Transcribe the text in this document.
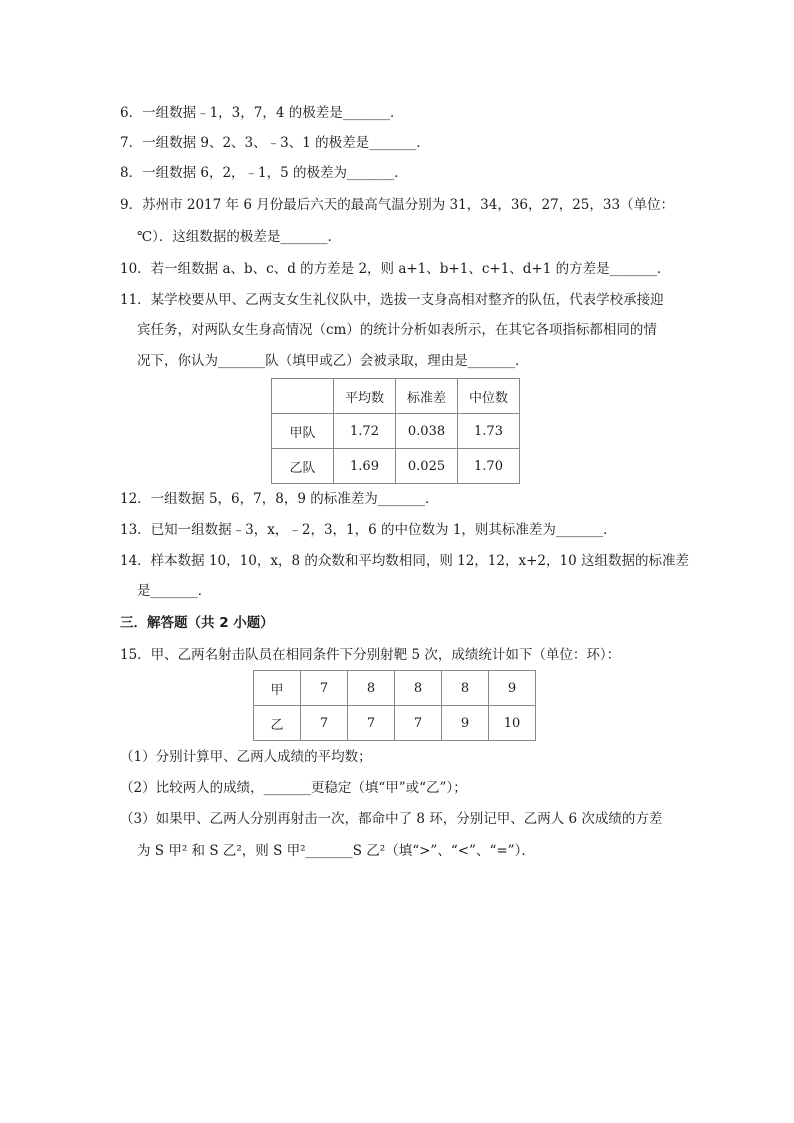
6．一组数据﹣1，3，7，4 的极差是_______．
7．一组数据 9、2、3、﹣3、1 的极差是_______．
8．一组数据 6，2，﹣1，5 的极差为_______．
9．苏州市 2017 年 6 月份最后六天的最高气温分别为 31，34，36，27，25，33（单位：
℃）．这组数据的极差是_______．
10．若一组数据 a、b、c、d 的方差是 2，则 a+1、b+1、c+1、d+1 的方差是_______．
11．某学校要从甲、乙两支女生礼仪队中，选拔一支身高相对整齐的队伍，代表学校承接迎
宾任务，对两队女生身高情况（cm）的统计分析如表所示，在其它各项指标都相同的情
况下，你认为_______队（填甲或乙）会被录取，理由是_______．
	平均数	标准差	中位数
甲队	1.72	0.038	1.73
乙队	1.69	0.025	1.70
12．一组数据 5，6，7，8，9 的标准差为_______．
13．已知一组数据﹣3，x，﹣2，3，1，6 的中位数为 1，则其标准差为_______．
14．样本数据 10，10，x，8 的众数和平均数相同，则 12，12，x+2，10 这组数据的标准差
是_______．
三．解答题（共 2 小题）
15．甲、乙两名射击队员在相同条件下分别射靶 5 次，成绩统计如下（单位：环）：
甲	7	8	8	8	9
乙	7	7	7	9	10
（1）分别计算甲、乙两人成绩的平均数；
（2）比较两人的成绩，_______更稳定（填“甲”或“乙”）；
（3）如果甲、乙两人分别再射击一次，都命中了 8 环，分别记甲、乙两人 6 次成绩的方差
为 S 甲² 和 S 乙²，则 S 甲²_______S 乙²（填“>”、“<”、“=”）．
